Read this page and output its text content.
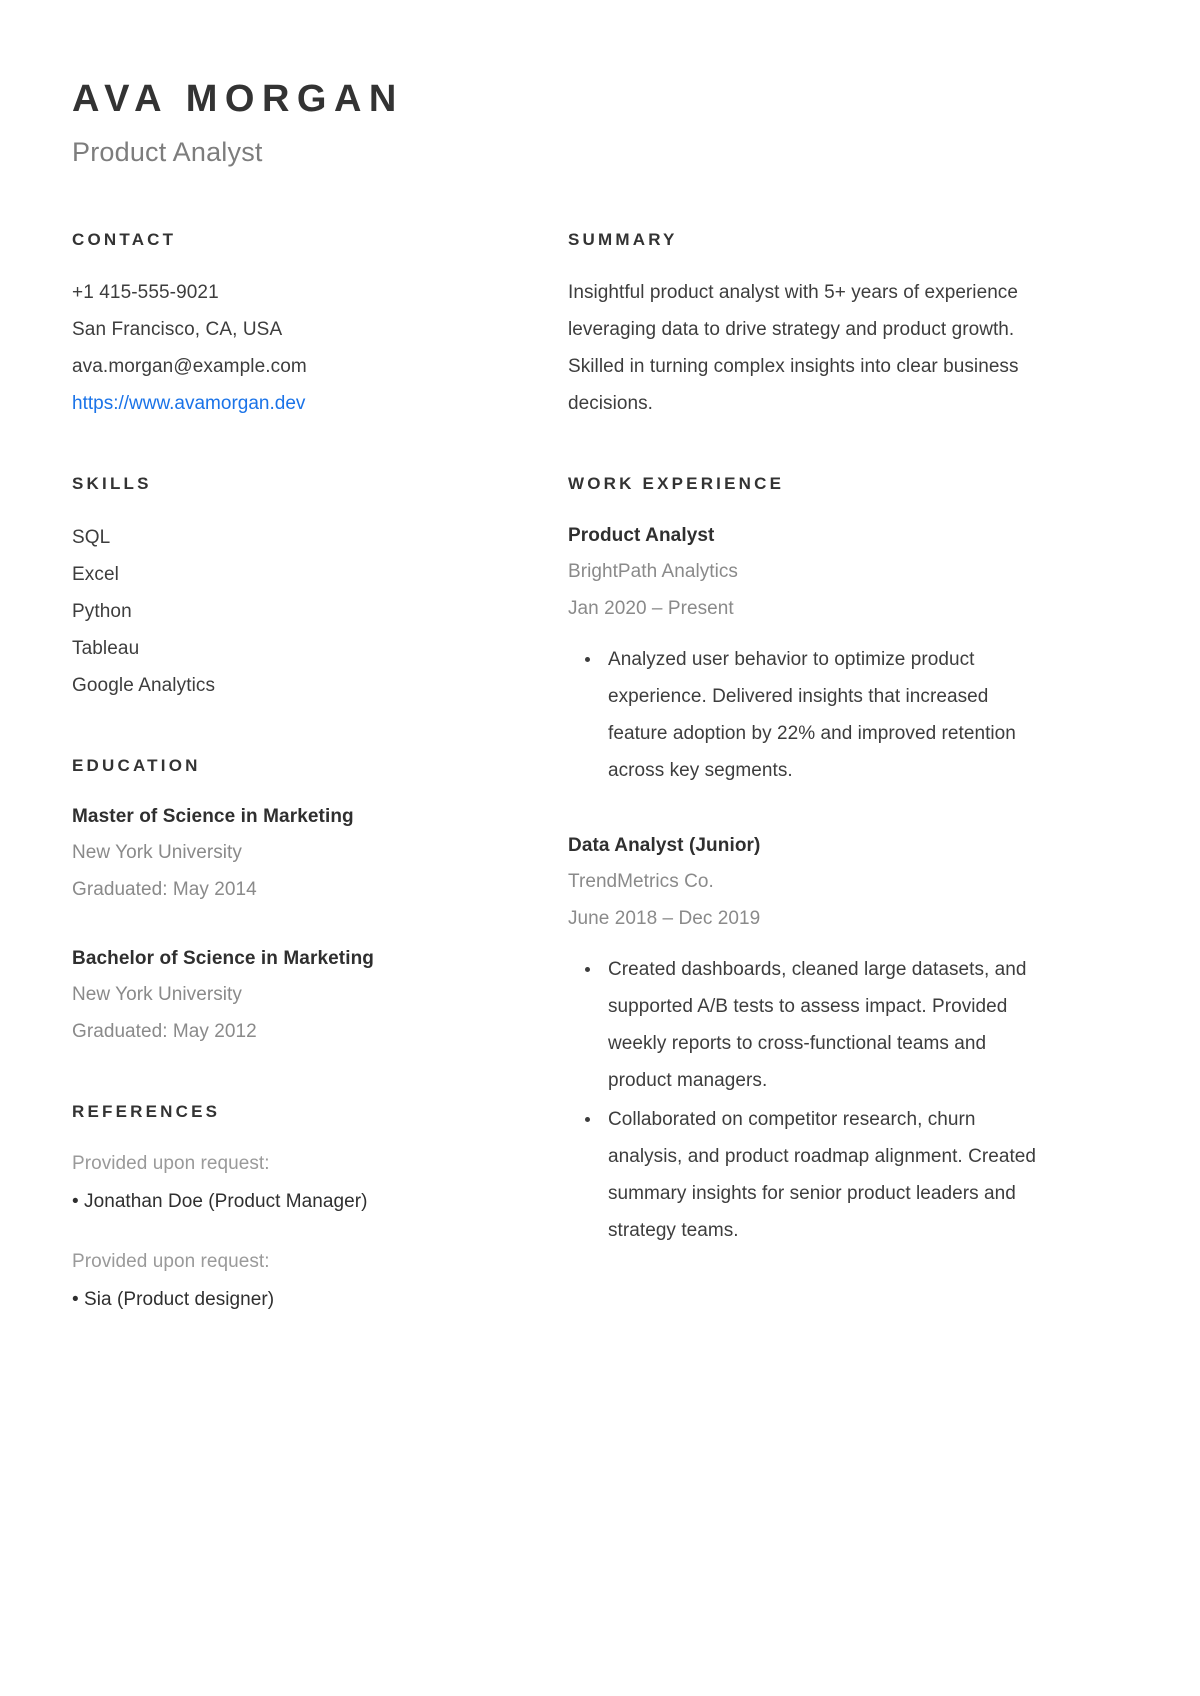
AVA MORGAN
Product Analyst
CONTACT
+1 415-555-9021
San Francisco, CA, USA
ava.morgan@example.com
https://www.avamorgan.dev
SKILLS
SQL
Excel
Python
Tableau
Google Analytics
EDUCATION
Master of Science in Marketing
New York University
Graduated: May 2014
Bachelor of Science in Marketing
New York University
Graduated: May 2012
REFERENCES
Provided upon request:
• Jonathan Doe (Product Manager)
Provided upon request:
• Sia (Product designer)
SUMMARY

Insightful product analyst with 5+ years of experience leveraging data to drive strategy and product growth. Skilled in turning complex insights into clear business decisions.

WORK EXPERIENCE
Product Analyst
BrightPath Analytics
Jan 2020 – Present
• Analyzed user behavior to optimize product experience. Delivered insights that increased feature adoption by 22% and improved retention across key segments.
Data Analyst (Junior)
TrendMetrics Co.
June 2018 – Dec 2019
• Created dashboards, cleaned large datasets, and supported A/B tests to assess impact. Provided weekly reports to cross-functional teams and product managers.
• Collaborated on competitor research, churn analysis, and product roadmap alignment. Created summary insights for senior product leaders and strategy teams.
